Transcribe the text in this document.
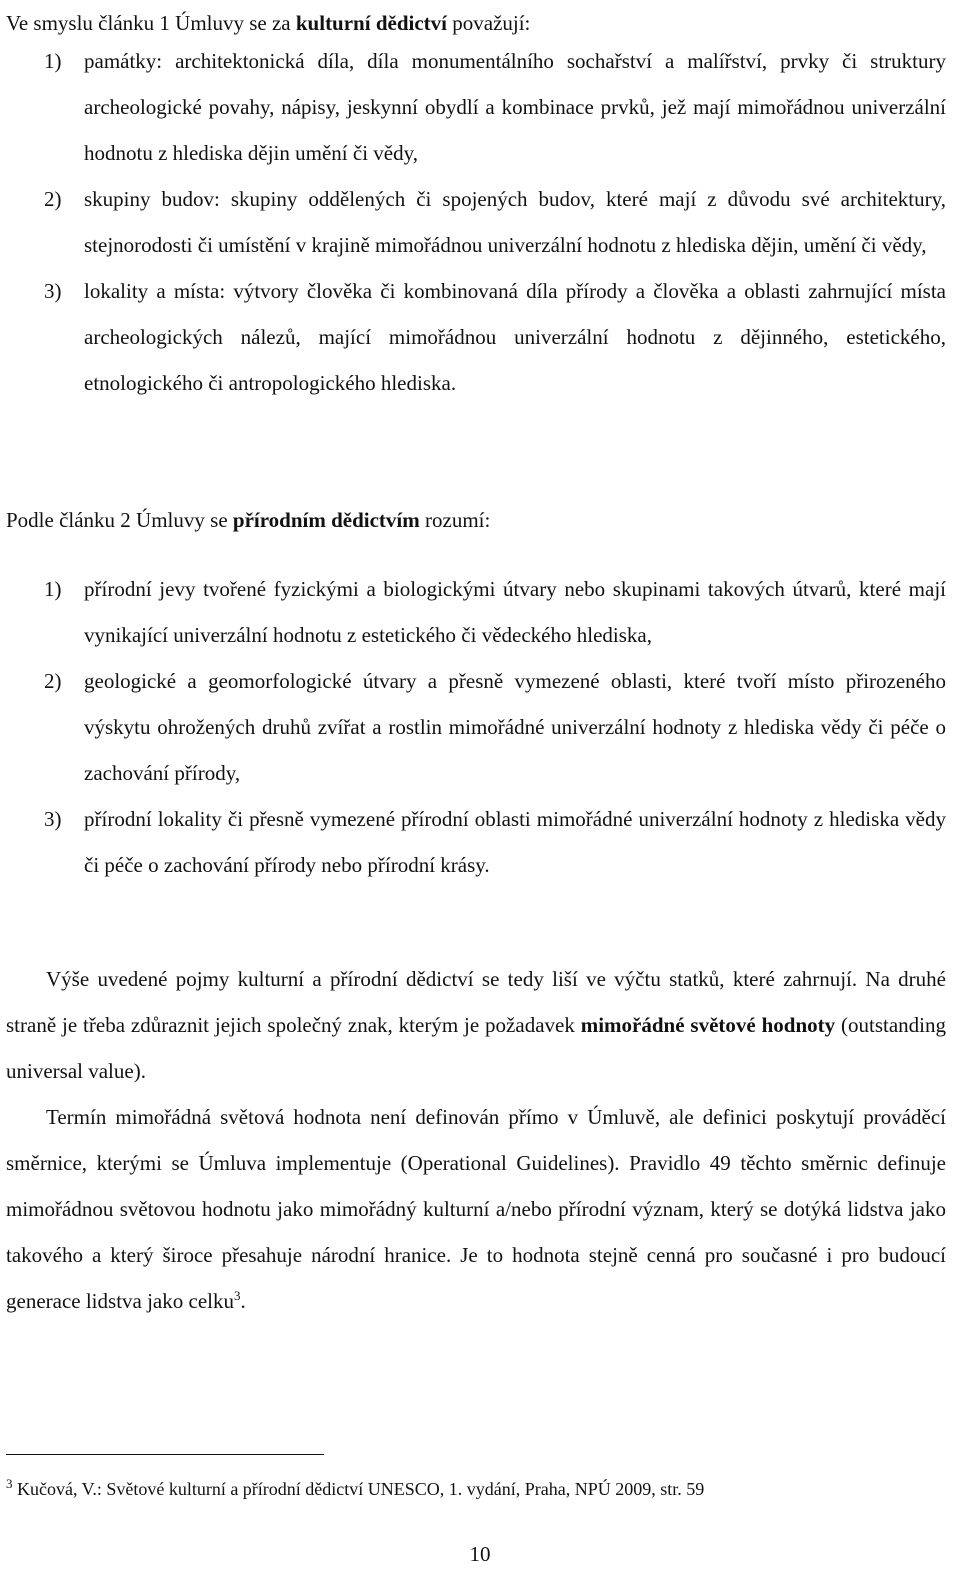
Ve smyslu článku 1 Úmluvy se za kulturní dědictví považují:

1) památky: architektonická díla, díla monumentálního sochařství a malířství, prvky či struktury archeologické povahy, nápisy, jeskynní obydlí a kombinace prvků, jež mají mimořádnou univerzální hodnotu z hlediska dějin umění či vědy,
2) skupiny budov: skupiny oddělených či spojených budov, které mají z důvodu své architektury, stejnorodosti či umístění v krajině mimořádnou univerzální hodnotu z hlediska dějin, umění či vědy,
3) lokality a místa: výtvory člověka či kombinovaná díla přírody a člověka a oblasti zahrnující místa archeologických nálezů, mající mimořádnou univerzální hodnotu z dějinného, estetického, etnologického či antropologického hlediska.

Podle článku 2 Úmluvy se přírodním dědictvím rozumí:

1) přírodní jevy tvořené fyzickými a biologickými útvary nebo skupinami takových útvarů, které mají vynikající univerzální hodnotu z estetického či vědeckého hlediska,
2) geologické a geomorfologické útvary a přesně vymezené oblasti, které tvoří místo přirozeného výskytu ohrožených druhů zvířat a rostlin mimořádné univerzální hodnoty z hlediska vědy či péče o zachování přírody,
3) přírodní lokality či přesně vymezené přírodní oblasti mimořádné univerzální hodnoty z hlediska vědy či péče o zachování přírody nebo přírodní krásy.

Výše uvedené pojmy kulturní a přírodní dědictví se tedy liší ve výčtu statků, které zahrnují. Na druhé straně je třeba zdůraznit jejich společný znak, kterým je požadavek mimořádné světové hodnoty (outstanding universal value).

Termín mimořádná světová hodnota není definován přímo v Úmluvě, ale definici poskytují prováděcí směrnice, kterými se Úmluva implementuje (Operational Guidelines). Pravidlo 49 těchto směrnic definuje mimořádnou světovou hodnotu jako mimořádný kulturní a/nebo přírodní význam, který se dotýká lidstva jako takového a který široce přesahuje národní hranice. Je to hodnota stejně cenná pro současné i pro budoucí generace lidstva jako celku$^3$.

$^3$ Kučová, V.: Světové kulturní a přírodní dědictví UNESCO, 1. vydání, Praha, NPÚ 2009, str. 59

10
